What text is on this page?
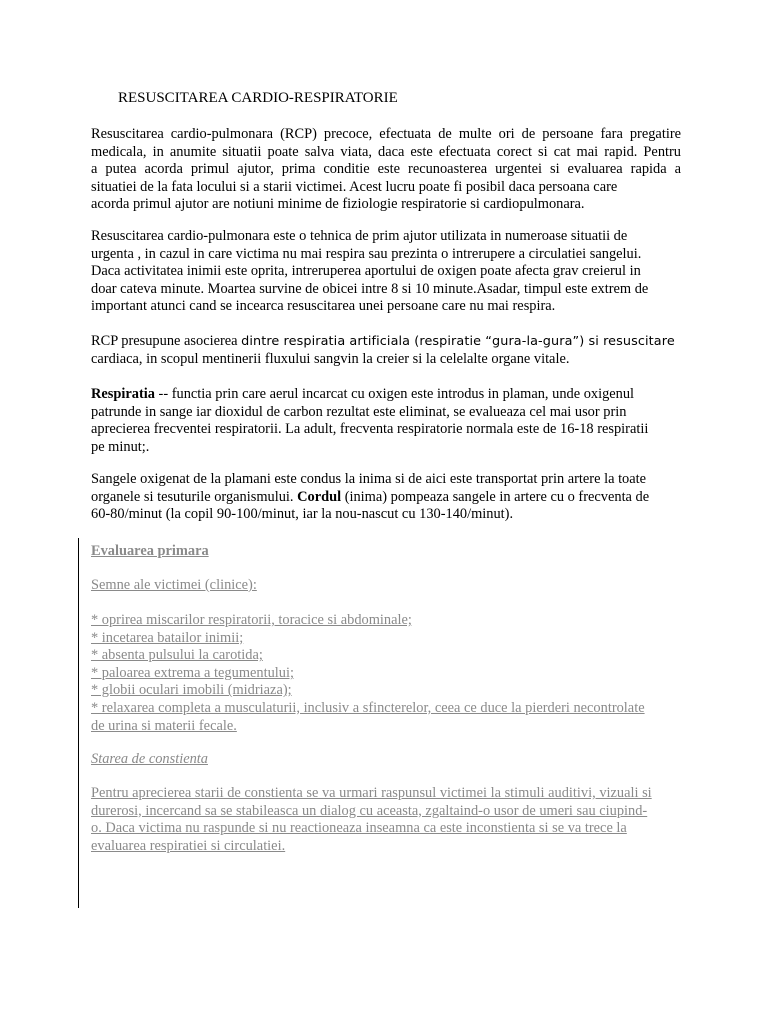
RESUSCITAREA CARDIO-RESPIRATORIE

Resuscitarea cardio-pulmonara (RCP) precoce, efectuata de multe ori de persoane fara pregatire
medicala, in anumite situatii poate salva viata, daca este efectuata corect si cat mai rapid. Pentru
a putea acorda primul ajutor, prima conditie este recunoasterea urgentei si evaluarea rapida a
situatiei de la fata locului si a starii victimei. Acest lucru poate fi posibil daca persoana care
acorda primul ajutor are notiuni minime de fiziologie respiratorie si cardiopulmonara.

Resuscitarea cardio-pulmonara este o tehnica de prim ajutor utilizata in numeroase situatii de
urgenta , in cazul in care victima nu mai respira sau prezinta o intrerupere a circulatiei sangelui.
Daca activitatea inimii este oprita, intreruperea aportului de oxigen poate afecta grav creierul in
doar cateva minute. Moartea survine de obicei intre 8 si 10 minute.Asadar, timpul este extrem de
important atunci cand se incearca resuscitarea unei persoane care nu mai respira.

RCP presupune asocierea dintre respiratia artificiala (respiratie “gura-la-gura”) si resuscitare
cardiaca, in scopul mentinerii fluxului sangvin la creier si la celelalte organe vitale.

Respiratia -- functia prin care aerul incarcat cu oxigen este introdus in plaman, unde oxigenul
patrunde in sange iar dioxidul de carbon rezultat este eliminat, se evalueaza cel mai usor prin
aprecierea frecventei respiratorii. La adult, frecventa respiratorie normala este de 16-18 respiratii
pe minut;.

Sangele oxigenat de la plamani este condus la inima si de aici este transportat prin artere la toate
organele si tesuturile organismului. Cordul (inima) pompeaza sangele in artere cu o frecventa de
60-80/minut (la copil 90-100/minut, iar la nou-nascut cu 130-140/minut).

Evaluarea primara

Semne ale victimei (clinice):

* oprirea miscarilor respiratorii, toracice si abdominale;
* incetarea batailor inimii;
* absenta pulsului la carotida;
* paloarea extrema a tegumentului;
* globii oculari imobili (midriaza);
* relaxarea completa a musculaturii, inclusiv a sfincterelor, ceea ce duce la pierderi necontrolate
de urina si materii fecale.

Starea de constienta

Pentru aprecierea starii de constienta se va urmari raspunsul victimei la stimuli auditivi, vizuali si
durerosi, incercand sa se stabileasca un dialog cu aceasta, zgaltaind-o usor de umeri sau ciupind-
o. Daca victima nu raspunde si nu reactioneaza inseamna ca este inconstienta si se va trece la
evaluarea respiratiei si circulatiei.
